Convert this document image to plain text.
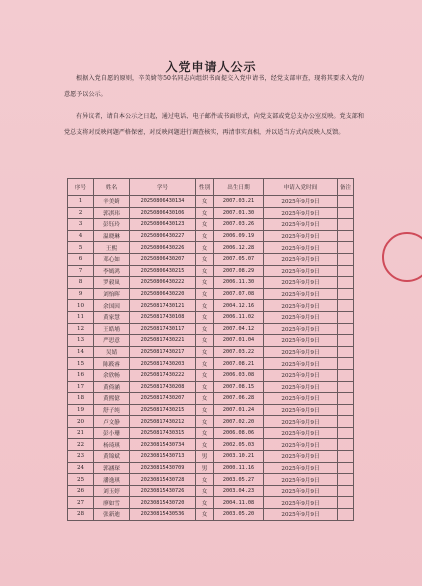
入党申请人公示
根据入党自愿的原则，辛美婍等50名同志向组织书面提交入党申请书，经党支部审查，现将其要求入党的意愿予以公示。
有异议者，请自本公示之日起，通过电话、电子邮件或书面形式，向党支部或党总支办公室反映。党支部和党总支将对反映问题严格保密，对反映问题进行调查核实，再清事实真相，并以适当方式向反映人反馈。
序号	姓名	学号	性别	出生日期	申请入党时间	备注
1	辛美婍	20250806430134	女	2007.03.21	2025年9月9日	
2	郭淇玮	20250806430106	女	2007.01.30	2025年9月9日	
3	彭钰玲	20250806430123	女	2007.03.26	2025年9月9日	
4	温晓琳	20250806430227	女	2006.09.19	2025年9月9日	
5	王熙	20250806430226	女	2006.12.28	2025年9月9日	
6	邓心如	20250806430207	女	2007.05.07	2025年9月9日	
7	李嫣鸿	20250806430215	女	2007.08.29	2025年9月9日	
8	罗毅岚	20250806430222	女	2006.11.30	2025年9月9日	
9	刘怡晖	20250806430220	女	2007.07.08	2025年9月9日	
10	余国因	20250817430121	女	2004.12.16	2025年9月9日	
11	黄家慧	20250817430108	女	2006.11.02	2025年9月9日	
12	王皓埔	20250817430117	女	2007.04.12	2025年9月9日	
13	严思意	20250817430221	女	2007.01.04	2025年9月9日	
14	吴婧	20250817430217	女	2007.03.22	2025年9月9日	
15	陈筱睿	20250817430203	女	2007.08.21	2025年9月9日	
16	余欣畅	20250817430222	女	2006.03.08	2025年9月9日	
17	黄倚涵	20250817430208	女	2007.08.15	2025年9月9日	
18	黄熙億	20250817430207	女	2007.06.28	2025年9月9日	
19	舒子纯	20250817430215	女	2007.01.24	2025年9月9日	
20	卢文静	20250817430212	女	2007.02.20	2025年9月9日	
21	彭小珊	20250817430315	女	2006.08.06	2025年9月9日	
22	杨琦琪	20230815430734	女	2002.05.03	2025年9月9日	
23	黄锦斌	20230815430713	男	2003.10.21	2025年9月9日	
24	郭涵琛	20230815430709	男	2000.11.16	2025年9月9日	
25	潘逸琪	20230815430728	女	2003.05.27	2025年9月9日	
26	刘玉婷	20230815430726	女	2003.04.23	2025年9月9日	
27	廖如雪	20230815430720	女	2004.11.08	2025年9月9日	
28	张新迪	20230815430536	女	2003.05.20	2025年9月9日	
